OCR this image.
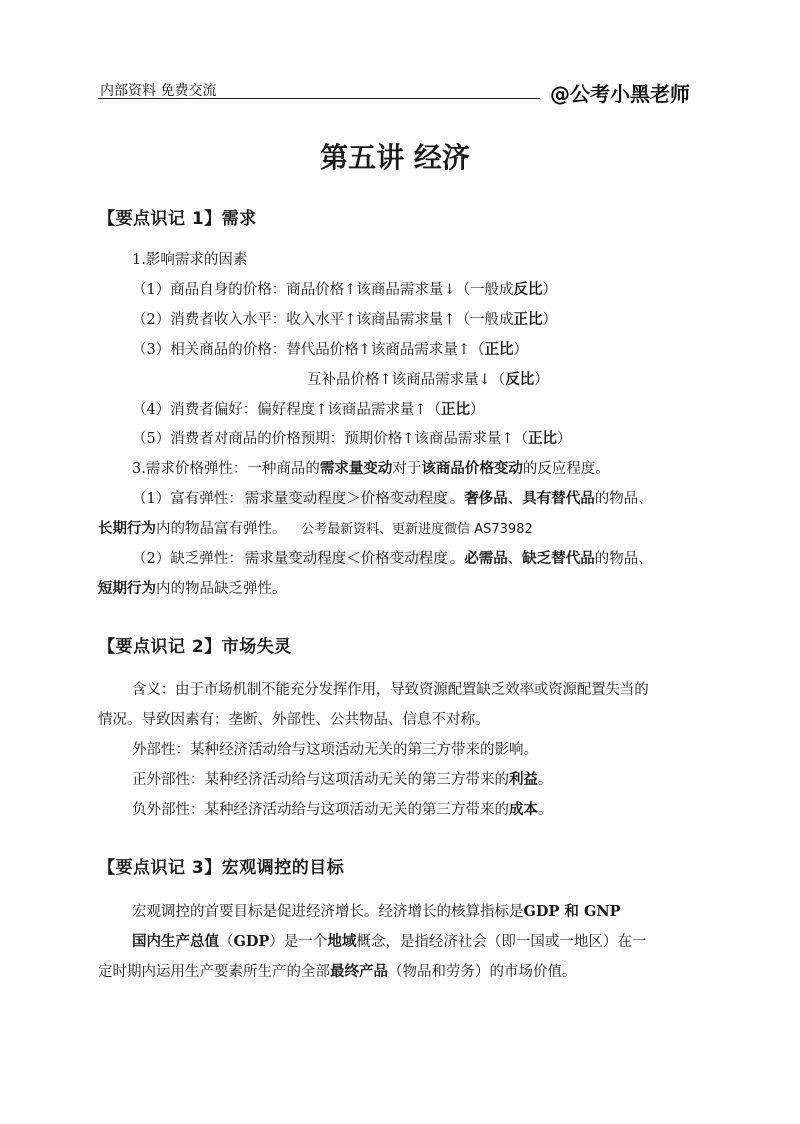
内部资料 免费交流	@公考小黑老师
第五讲 经济
【要点识记 1】需求
1.影响需求的因素
（1）商品自身的价格：商品价格↑该商品需求量↓（一般成反比）
（2）消费者收入水平：收入水平↑该商品需求量↑（一般成正比）
（3）相关商品的价格：替代品价格↑该商品需求量↑（正比）
互补品价格↑该商品需求量↓（反比）
（4）消费者偏好：偏好程度↑该商品需求量↑（正比）
（5）消费者对商品的价格预期：预期价格↑该商品需求量↑（正比）
3.需求价格弹性：一种商品的需求量变动对于该商品价格变动的反应程度。
（1）富有弹性： 需求量变动程度＞价格变动程度 。奢侈品、具有替代品的物品、
长期行为内的物品富有弹性。 公考最新资料、更新进度微信 AS73982
（2）缺乏弹性： 需求量变动程度＜价格变动程度 。必需品、缺乏替代品的物品、
短期行为内的物品缺乏弹性。
【要点识记 2】市场失灵
含义：由于市场机制不能充分发挥作用，导致资源配置缺乏效率或资源配置失当的
情况。导致因素有：垄断、外部性、公共物品、信息不对称。
外部性：某种经济活动给与这项活动无关的第三方带来的影响。
正外部性：某种经济活动给与这项活动无关的第三方带来的利益。
负外部性：某种经济活动给与这项活动无关的第三方带来的成本。
【要点识记 3】宏观调控的目标
宏观调控的首要目标是促进经济增长。经济增长的核算指标是GDP 和 GNP
国内生产总值（GDP）是一个地域概念，是指经济社会（即一国或一地区）在一
定时期内运用生产要素所生产的全部最终产品（物品和劳务）的市场价值。
